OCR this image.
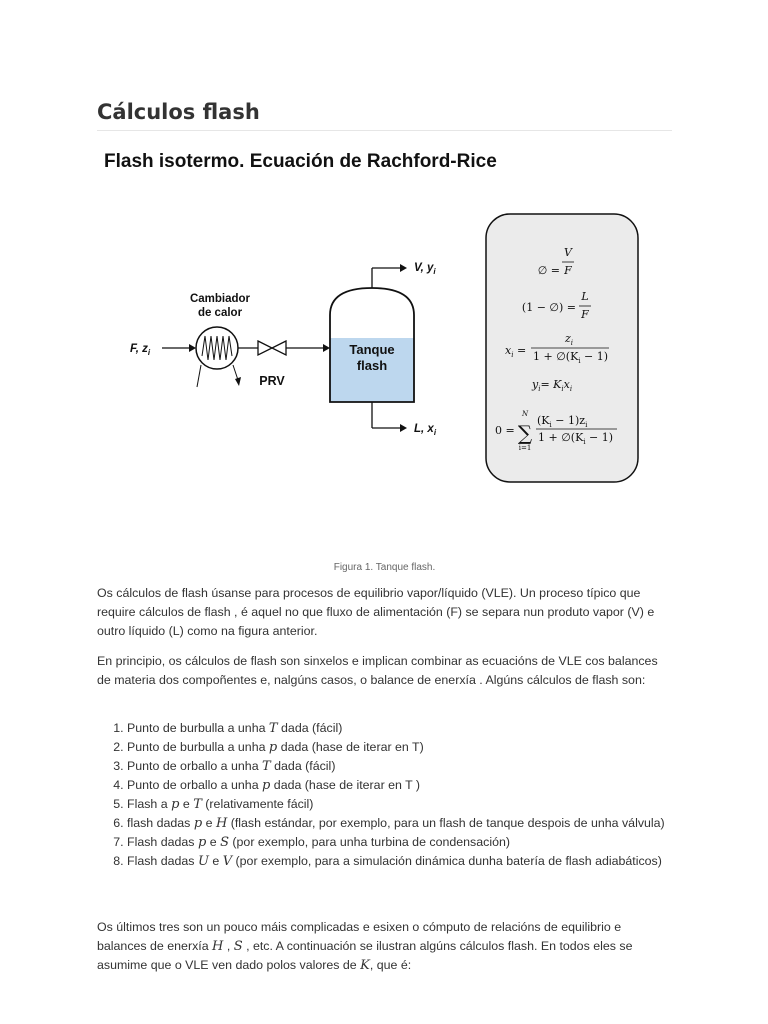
Cálculos flash
Flash isotermo. Ecuación de Rachford-Rice
Cambiador
de calor
F, $z_i$
PRV
Tanque
flash
V, $y_i$
L, $x_i$
∅ =
V
F
(1 − ∅) =
L
F
$x_i$ =
$z_i$
$1 + \emptyset(K_i - 1)$
$y_i= K_ix_i$
0 =
N
∑
i=1
$(K_i - 1)z_i$
$1 + \emptyset(K_i - 1)$
Figura 1. Tanque flash.

Os cálculos de flash úsanse para procesos de equilibrio vapor/líquido (VLE). Un proceso típico que require cálculos de flash , é aquel no que fluxo de alimentación (F) se separa nun produto vapor (V) e outro líquido (L) como na figura anterior.

En principio, os cálculos de flash son sinxelos e implican combinar as ecuacións de VLE cos balances de materia dos compoñentes e, nalgúns casos, o balance de enerxía . Algúns cálculos de flash son:

1. Punto de burbulla a unha T dada (fácil)
2. Punto de burbulla a unha p dada (hase de iterar en T)
3. Punto de orballo a unha T dada (fácil)
4. Punto de orballo a unha p dada (hase de iterar en T )
5. Flash a p e T (relativamente fácil)
6. flash dadas p e H (flash estándar, por exemplo, para un flash de tanque despois de unha válvula)
7. Flash dadas p e S (por exemplo, para unha turbina de condensación)
8. Flash dadas U e V (por exemplo, para a simulación dinámica dunha batería de flash adiabáticos)

Os últimos tres son un pouco máis complicadas e esixen o cómputo de relacións de equilibrio e balances de enerxía H , S , etc. A continuación se ilustran algúns cálculos flash. En todos eles se asumime que o VLE ven dado polos valores de K, que é:
